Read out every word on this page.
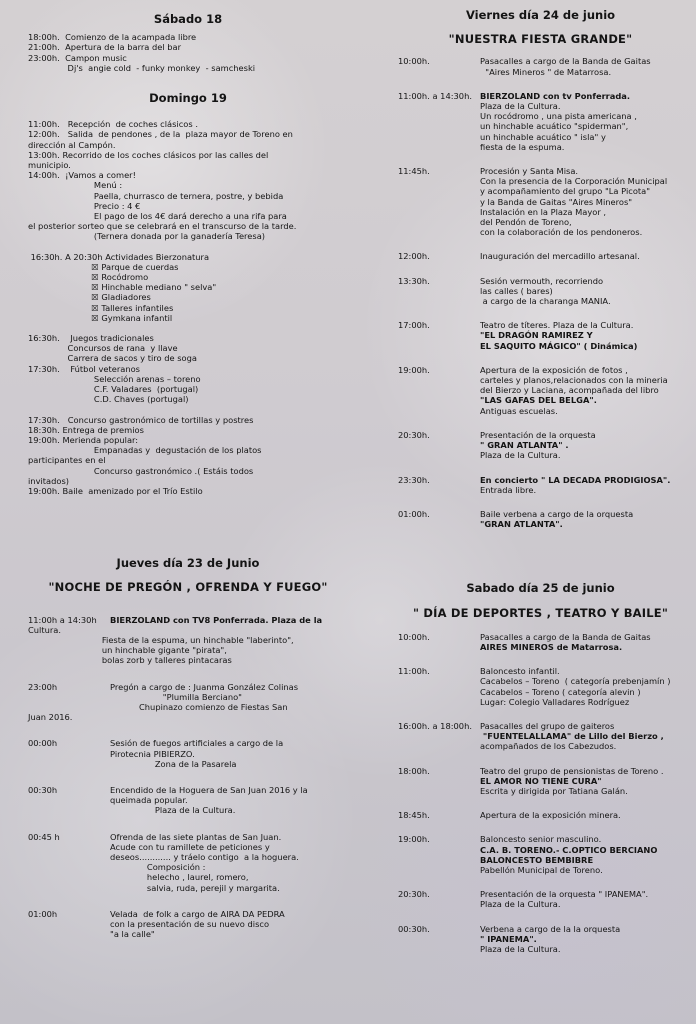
Sábado 18
18:00h.  Comienzo de la acampada libre
21:00h.  Apertura de la barra del bar
23:00h.  Campon music
Dj's  angie cold  - funky monkey  - samcheski
Domingo 19
11:00h.   Recepción  de coches clásicos .
12:00h.   Salida  de pendones , de la  plaza mayor de Toreno en
dirección al Campón.
13:00h. Recorrido de los coches clásicos por las calles del
municipio.
14:00h.  ¡Vamos a comer!
Menú :
Paella, churrasco de ternera, postre, y bebida
Precio : 4 €
El pago de los 4€ dará derecho a una rifa para
el posterior sorteo que se celebrará en el transcurso de la tarde.
(Ternera donada por la ganadería Teresa)
16:30h. A 20:30h Actividades Bierzonatura
☒ Parque de cuerdas
☒ Rocódromo
☒ Hinchable mediano " selva"
☒ Gladiadores
☒ Talleres infantiles
☒ Gymkana infantil
16:30h.    Juegos tradicionales
Concursos de rana  y llave
Carrera de sacos y tiro de soga
17:30h.    Fútbol veteranos
Selección arenas – toreno
C.F. Valadares  (portugal)
C.D. Chaves (portugal)
17:30h.   Concurso gastronómico de tortillas y postres
18:30h. Entrega de premios
19:00h. Merienda popular:
Empanadas y  degustación de los platos
participantes en el
Concurso gastronómico .( Estáis todos
invitados)
19:00h. Baile  amenizado por el Trío Estilo
Jueves día 23 de Junio
"NOCHE DE PREGÓN , OFRENDA Y FUEGO"
11:00h a 14:30h	BIERZOLAND con TV8 Ponferrada. Plaza de la
Cultura.
Fiesta de la espuma, un hinchable "laberinto",
un hinchable gigante "pirata",
bolas zorb y talleres pintacaras
23:00h	Pregón a cargo de : Juanma González Colinas
"Plumilla Berciano"
Chupinazo comienzo de Fiestas San
Juan 2016.
00:00h	Sesión de fuegos artificiales a cargo de la
Pirotecnia PIBIERZO.
Zona de la Pasarela
00:30h	Encendido de la Hoguera de San Juan 2016 y la
queimada popular.
Plaza de la Cultura.
00:45 h	Ofrenda de las siete plantas de San Juan.
Acude con tu ramillete de peticiones y
deseos............ y tráelo contigo  a la hoguera.
Composición :
helecho , laurel, romero,
salvia, ruda, perejil y margarita.
01:00h	Velada  de folk a cargo de AIRA DA PEDRA
con la presentación de su nuevo disco
"a la calle"
Viernes día 24 de junio
"NUESTRA FIESTA GRANDE"
10:00h.	Pasacalles a cargo de la Banda de Gaitas
"Aires Mineros " de Matarrosa.
11:00h. a 14:30h. BIERZOLAND con tv Ponferrada.
Plaza de la Cultura.
Un rocódromo , una pista americana ,
un hinchable acuático "spiderman",
un hinchable acuático " isla" y
fiesta de la espuma.
11:45h.	Procesión y Santa Misa.
Con la presencia de la Corporación Municipal
y acompañamiento del grupo "La Picota"
y la Banda de Gaitas "Aires Mineros"
Instalación en la Plaza Mayor ,
del Pendón de Toreno,
con la colaboración de los pendoneros.
12:00h.	Inauguración del mercadillo artesanal.
13:30h.	Sesión vermouth, recorriendo
las calles ( bares)
a cargo de la charanga MANIA.
17:00h.	Teatro de títeres. Plaza de la Cultura.
"EL DRAGÓN RAMIREZ Y
EL SAQUITO MÁGICO" ( Dinámica)
19:00h.	Apertura de la exposición de fotos ,
carteles y planos,relacionados con la mineria
del Bierzo y Laciana, acompañada del libro
"LAS GAFAS DEL BELGA".
Antiguas escuelas.
20:30h.	Presentación de la orquesta
" GRAN ATLANTA" .
Plaza de la Cultura.
23:30h.	En concierto " LA DECADA PRODIGIOSA".
Entrada libre.
01:00h.	Baile verbena a cargo de la orquesta
"GRAN ATLANTA".
Sabado día 25 de junio
" DÍA DE DEPORTES , TEATRO Y BAILE"
10:00h.	Pasacalles a cargo de la Banda de Gaitas
AIRES MINEROS de Matarrosa.
11:00h.	Baloncesto infantil.
Cacabelos – Toreno  ( categoría prebenjamín )
Cacabelos – Toreno ( categoría alevin )
Lugar: Colegio Valladares Rodríguez
16:00h. a 18:00h. Pasacalles del grupo de gaiteros
"FUENTELALLAMA" de Lillo del Bierzo ,
acompañados de los Cabezudos.
18:00h.	Teatro del grupo de pensionistas de Toreno .
EL AMOR NO TIENE CURA"
Escrita y dirigida por Tatiana Galán.
18:45h.	Apertura de la exposición minera.
19:00h.	Baloncesto senior masculino.
C.A. B. TORENO.- C.OPTICO BERCIANO
BALONCESTO BEMBIBRE
Pabellón Municipal de Toreno.
20:30h.	Presentación de la orquesta " IPANEMA".
Plaza de la Cultura.
00:30h.	Verbena a cargo de la la orquesta
" IPANEMA".
Plaza de la Cultura.
